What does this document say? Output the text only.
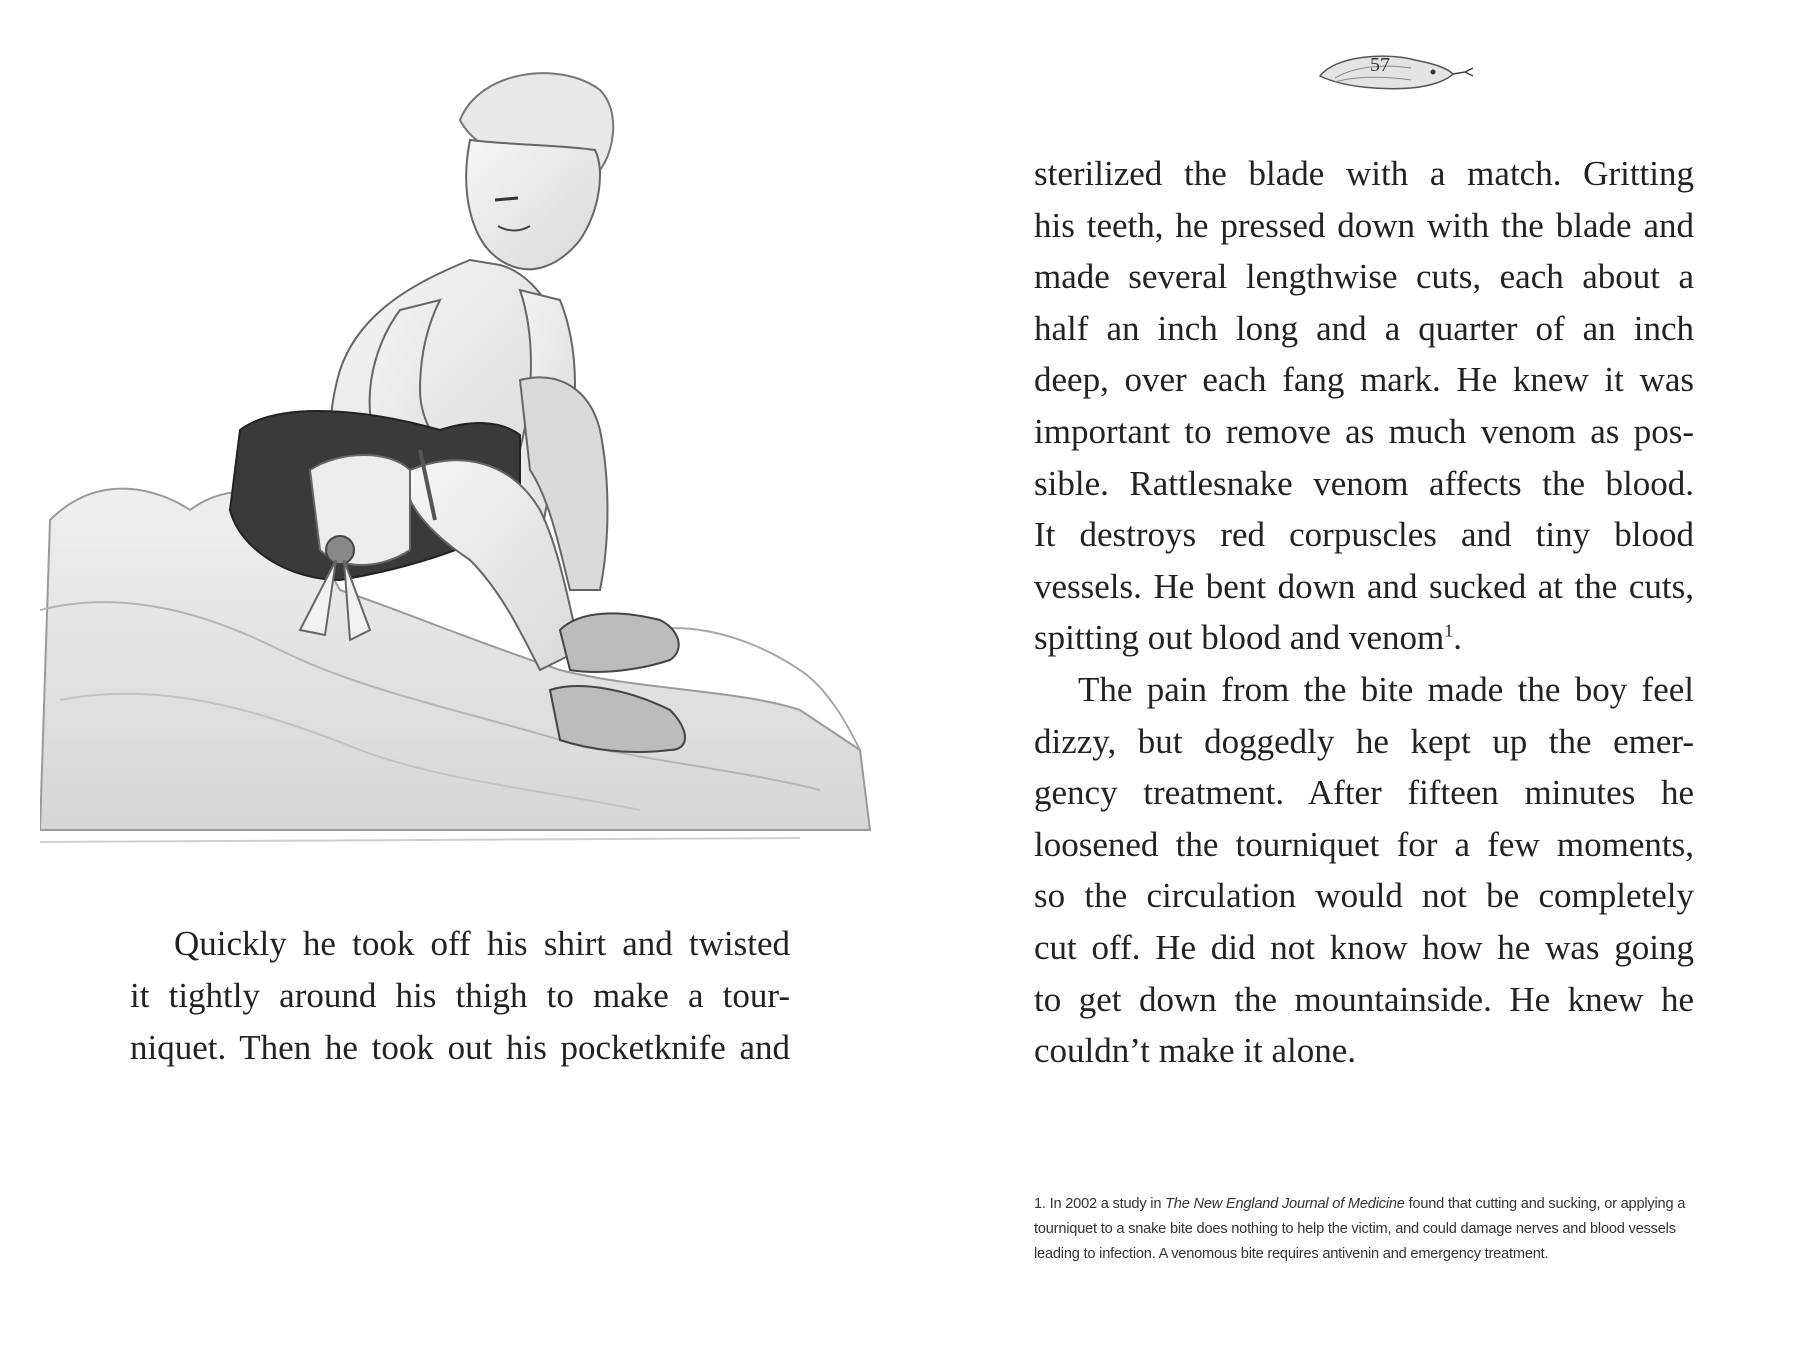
Quickly he took off his shirt and twisted
it tightly around his thigh to make a tour-
niquet. Then he took out his pocketknife and
57
sterilized the blade with a match. Gritting
his teeth, he pressed down with the blade and
made several lengthwise cuts, each about a
half an inch long and a quarter of an inch
deep, over each fang mark. He knew it was
important to remove as much venom as pos-
sible. Rattlesnake venom affects the blood.
It destroys red corpuscles and tiny blood
vessels. He bent down and sucked at the cuts,
spitting out blood and venom$^1$.
The pain from the bite made the boy feel
dizzy, but doggedly he kept up the emer-
gency treatment. After fifteen minutes he
loosened the tourniquet for a few moments,
so the circulation would not be completely
cut off. He did not know how he was going
to get down the mountainside. He knew he
couldn’t make it alone.
1. In 2002 a study in The New England Journal of Medicine found that cutting and sucking, or applying a tourniquet to a snake bite does nothing to help the victim, and could damage nerves and blood vessels leading to infection. A venomous bite requires antivenin and emergency treatment.
